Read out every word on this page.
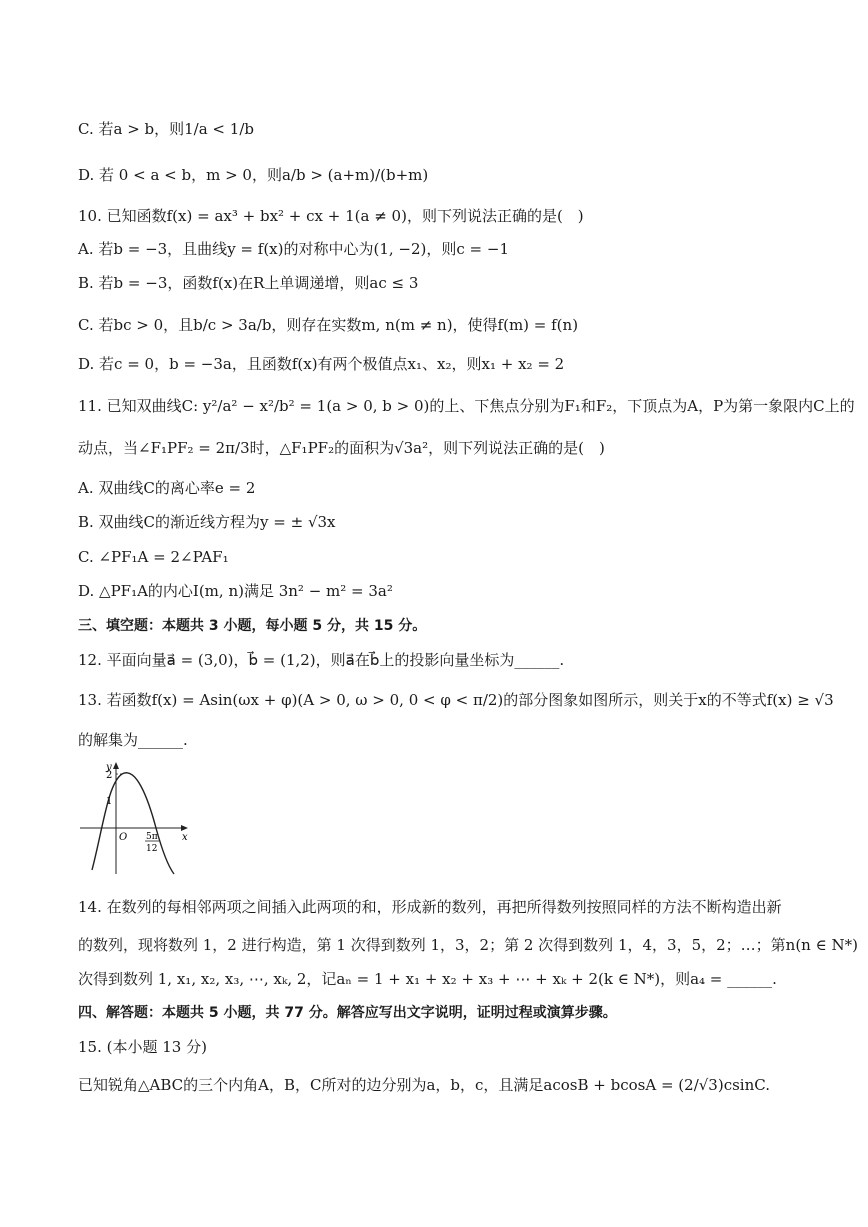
C. 若a > b，则1/a < 1/b
D. 若 0 < a < b，m > 0，则a/b > (a+m)/(b+m)
10. 已知函数f(x) = ax³ + bx² + cx + 1(a ≠ 0)，则下列说法正确的是(　)
A. 若b = −3，且曲线y = f(x)的对称中心为(1, −2)，则c = −1
B. 若b = −3，函数f(x)在R上单调递增，则ac ≤ 3
C. 若bc > 0，且b/c > 3a/b，则存在实数m, n(m ≠ n)，使得f(m) = f(n)
D. 若c = 0，b = −3a，且函数f(x)有两个极值点x₁、x₂，则x₁ + x₂ = 2
11. 已知双曲线C: y²/a² − x²/b² = 1(a > 0, b > 0)的上、下焦点分别为F₁和F₂，下顶点为A，P为第一象限内C上的
动点，当∠F₁PF₂ = 2π/3时，△F₁PF₂的面积为√3a²，则下列说法正确的是(　)
A. 双曲线C的离心率e = 2
B. 双曲线C的渐近线方程为y = ± √3x
C. ∠PF₁A = 2∠PAF₁
D. △PF₁A的内心I(m, n)满足 3n² − m² = 3a²
三、填空题：本题共 3 小题，每小题 5 分，共 15 分。
12. 平面向量a⃗ = (3,0)，b⃗ = (1,2)，则a⃗在b⃗上的投影向量坐标为______.
13. 若函数f(x) = Asin(ωx + φ)(A > 0, ω > 0, 0 < φ < π/2)的部分图象如图所示，则关于x的不等式f(x) ≥ √3
的解集为______.
y
x
O
2
1
5π
12
14. 在数列的每相邻两项之间插入此两项的和，形成新的数列，再把所得数列按照同样的方法不断构造出新
的数列，现将数列 1，2 进行构造，第 1 次得到数列 1，3，2；第 2 次得到数列 1，4，3，5，2；…；第n(n ∈ N*)
次得到数列 1, x₁, x₂, x₃, ⋯, xₖ, 2，记aₙ = 1 + x₁ + x₂ + x₃ + ⋯ + xₖ + 2(k ∈ N*)，则a₄ = ______.
四、解答题：本题共 5 小题，共 77 分。解答应写出文字说明，证明过程或演算步骤。
15. (本小题 13 分)
已知锐角△ABC的三个内角A，B，C所对的边分别为a，b，c，且满足acosB + bcosA = (2/√3)csinC.
